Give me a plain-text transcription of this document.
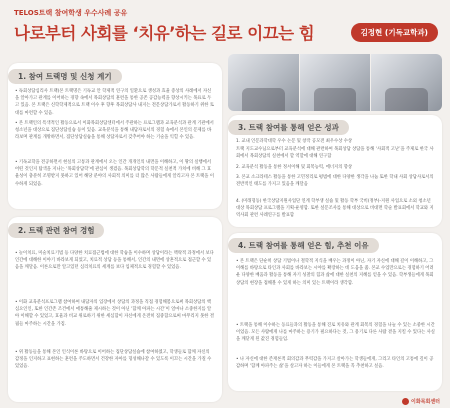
TELOS트랙 참여학생 우수사례 공유
나로부터 사회를 ‘치유’하는 길로 이끄는 힘	김정현 (기독교학과)
1. 참여 트랙명 및 신청 계기
• 독회상담심리사 트랙(본 트랙명은 기독교 안 학제적 연구의 일환으로 생성과 효율 증상의 사례에서 자신을 알아가고 관계를 이어하는 경향 속에서 목회상담의 훈련을 통한 공존 공감능력을 향상시키는 목표로 두고 있음. 본 트랙은 신학학제적으로 트랙 이수 후 향후 목회상담사 내지는 전문상담가로서 활동하기 위한 토대를 마련할 수 있음.
• 본 트랙인의 특색적인 활동으로서 이화목회상담센터에서 주관하는 프로그램과 교육분석과 관계 기관에서 청소년을 대상으로 집단상담실습 등이 있음. 교육분석을 통해 내담자로서의 경험 속에서 본인의 문제를 바라보며 관계를 개방하면서, 집단상담실습을 통해 상담자로서 갖추어야 하는 기술을 익힐 수 있음.
• 기독교학을 전공하면서 현실의 고통과 관계에서 오는 인간 개개인의 내면을 이해하고, 이 땅의 실행에서 어떤 것인지 탐색을 지나는 ‘목회상담학’에 관심이 생겼음. 목회상담학의 학문적 실천적 가치에 비해 그 효율성이 충분히 조명받지 못하고 있어 해당 분야의 사회적 의미를 더 많은 사람들에게 알리고자 본 트랙을 이수하게 되었음.
2. 트랙 관련 참여 경험
• 놀이치료, 미술치료기법 등 다양한 치료접근법에 대한 학습을 이수하며 상담이라는 맥락적 과정에서 보다 인간에 대해한 이야기 바라보게 되었고, 치료적 상담 등을 통해서, 인간의 내면에 상흔적으로 접근할 수 있음을 깨달음. 이론으로만 알고있던 심리치료의 세계를 보다 입체적으로 경험할 수 있었음.
• 이화 교육분석프로그램 참여하여 내담자의 입장에서 상담의 과정을 직접 경험해봄으로써 목회상담의 핵심요인인, 또한 인간존 조건에서 애통해줄 제시하는 것이 아닌 ‘함께 아파는 시간’이 얼마나 소중한지를 알아 이해할 수 있었고, 효율과 비교 위로하기 위한 세심함이 자신에게 온전히 집중함으로써 마무리지 못한 결핍들 마주하는 시간을 가짐.
• 위 활동들을 통해 본인 인식이론 바탕으로 이어하는 집단상담실습에 참여하였고, 학생들로 함께 자신의 감정을 인지하고 표현하는 훈련을 주도하면서 건강한 자아를 형성해나갈 수 있도록 이끄는 시간을 가질 수 있었음.
3. 트랙 참여를 통해 얻은 성과
1. 교내 인문과학대학 우수 논문 및 창작 공모전 최우수상 수상
트랙 지도교수님으로부터 교육분석에 대해 관련하여 목회상담 상담을 통해 ‘사회적 고난’을 주제로 한국 사회에서 목회상담의 실천에서 할 역할에 대해 연구함
2. 교육분석 활동을 통한 정서이해 및 회복능력, 에너지의 향상
3. 본교 소크라테스 활동을 통한 고민정리로 평범에 대한 다양한 생각을 나눔 또한 학내 사회 상담사로서의 전반적인 태도를 가지고 있음을 깨달음
4. (미래형동) 한국상담지원사업단 연계 학부생 실습 및 활동 학부 국비(정부)-지원 사업으로 소외 청소년 대상 목회상담 프로그램을 기획·운영함. 또한 설문조사를 통해 대상으로 비대면 학술 발표회에서 학교와 지역사회 관련 사례연구를 발표함
4. 트랙 참여를 통해 얻은 힘, 추천 이유
• 본 트랙은 단순히 상담 기법이나 철학적 지식을 배우는 과정이 아닌, 자기 자신에 대해 깊이 이해하고, 그 이해를 바탕으로 타인과 사회를 바라보는 시야를 확장하는 데 도움을 줌. 본교 수업만으로는 경험하기 어려운 다양한 배움과 활동을 통해 자기 성찰의 힘과 삶에 대한 실천의 지혜를 얻을 수 있음. 학부생들에게 목회상담의 현장을 접해볼 수 있게 하는 의미 있는 트랙이라 생각함.
• 트랙을 통해 이수하는 동료들과의 활동을 통해 진로 치유와 관계 회복의 경험을 나눌 수 있는 소중한 시간이었음. 모든 사람에게 나를 마주하는 용기가 필요하다는 것, 그 용기로 다른 사람 곁을 지킬 수 있다는 사실을 깨닫게 된 값진 경험들임.
• 나 자신에 대한 존재론적 회의감과 무력감을 가지고 살아가는 학생들에게, 그리고 타인의 고통에 깊이 공감하며 ‘함께 아파주는 삶’을 살고자 하는 이들에게 본 트랙을 꼭 추천하고 싶음.
이화목회센터
